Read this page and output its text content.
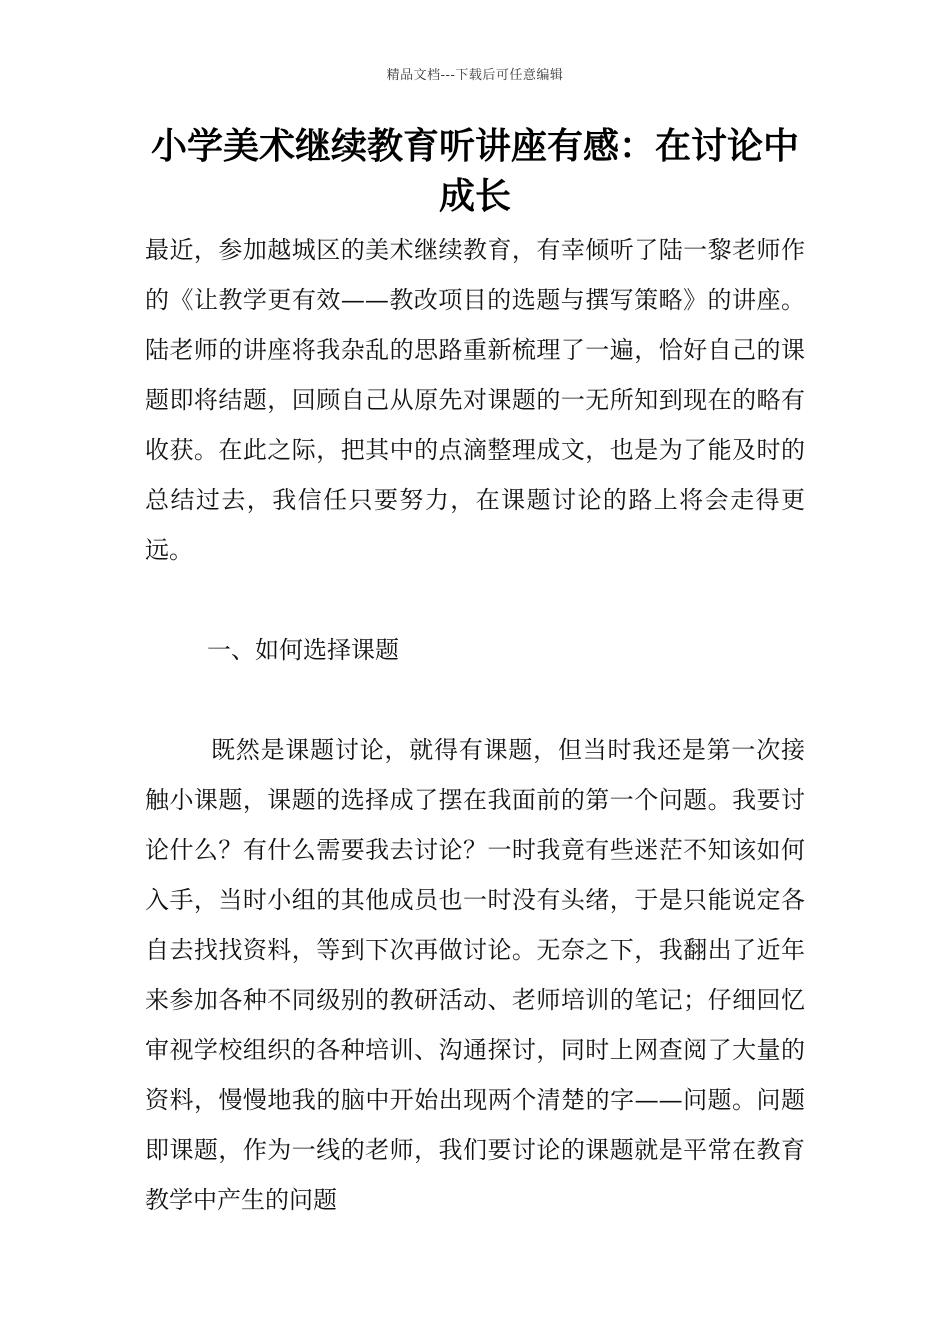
精品文档---下载后可任意编辑
小学美术继续教育听讲座有感：在讨论中成长

最近，参加越城区的美术继续教育，有幸倾听了陆一黎老师作的《让教学更有效——教改项目的选题与撰写策略》的讲座。陆老师的讲座将我杂乱的思路重新梳理了一遍，恰好自己的课题即将结题，回顾自己从原先对课题的一无所知到现在的略有收获。在此之际，把其中的点滴整理成文，也是为了能及时的总结过去，我信任只要努力，在课题讨论的路上将会走得更远。

一、如何选择课题

既然是课题讨论，就得有课题，但当时我还是第一次接触小课题，课题的选择成了摆在我面前的第一个问题。我要讨论什么？有什么需要我去讨论？一时我竟有些迷茫不知该如何入手，当时小组的其他成员也一时没有头绪，于是只能说定各自去找找资料，等到下次再做讨论。无奈之下，我翻出了近年来参加各种不同级别的教研活动、老师培训的笔记；仔细回忆审视学校组织的各种培训、沟通探讨，同时上网查阅了大量的资料，慢慢地我的脑中开始出现两个清楚的字——问题。问题即课题，作为一线的老师，我们要讨论的课题就是平常在教育教学中产生的问题
